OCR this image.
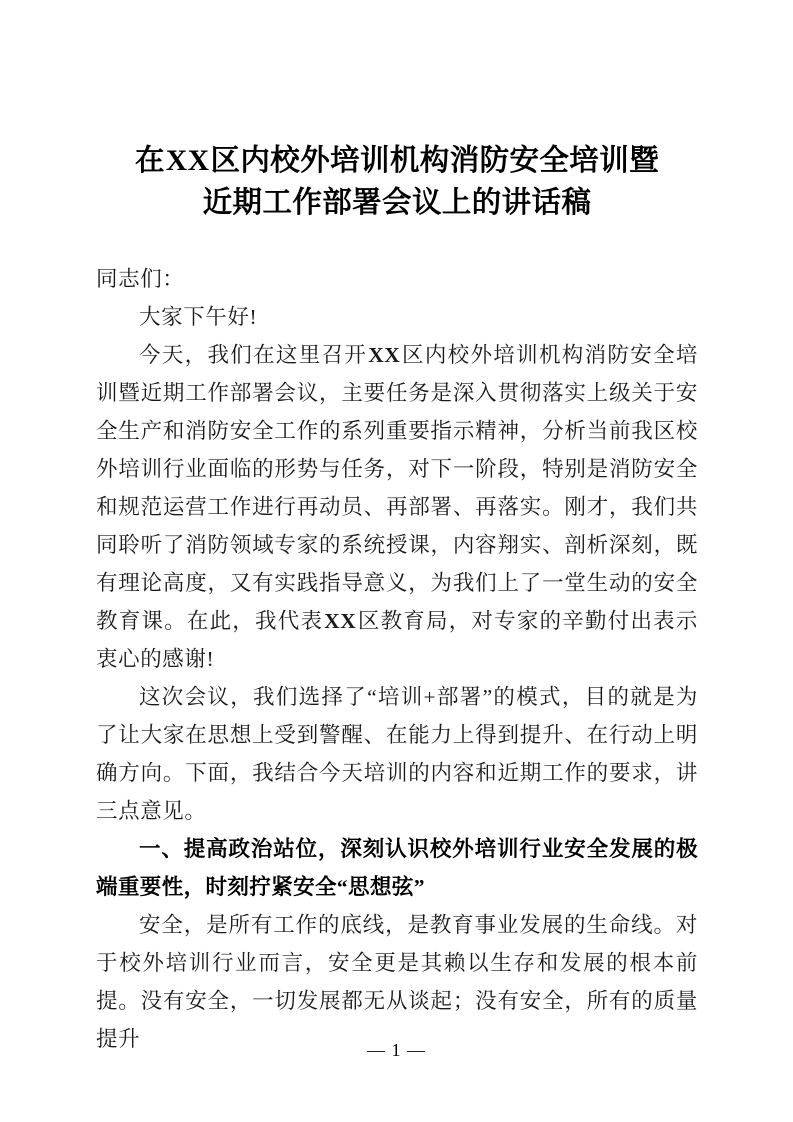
在XX区内校外培训机构消防安全培训暨
近期工作部署会议上的讲话稿

同志们：

大家下午好!

今天，我们在这里召开XX区内校外培训机构消防安全培训暨近期工作部署会议，主要任务是深入贯彻落实上级关于安全生产和消防安全工作的系列重要指示精神，分析当前我区校外培训行业面临的形势与任务，对下一阶段，特别是消防安全和规范运营工作进行再动员、再部署、再落实。刚才，我们共同聆听了消防领域专家的系统授课，内容翔实、剖析深刻，既有理论高度，又有实践指导意义，为我们上了一堂生动的安全教育课。在此，我代表XX区教育局，对专家的辛勤付出表示衷心的感谢!

这次会议，我们选择了“培训+部署”的模式，目的就是为了让大家在思想上受到警醒、在能力上得到提升、在行动上明确方向。下面，我结合今天培训的内容和近期工作的要求，讲三点意见。

一、提高政治站位，深刻认识校外培训行业安全发展的极端重要性，时刻拧紧安全“思想弦”

安全，是所有工作的底线，是教育事业发展的生命线。对于校外培训行业而言，安全更是其赖以生存和发展的根本前提。没有安全，一切发展都无从谈起；没有安全，所有的质量提升	— 1 —
